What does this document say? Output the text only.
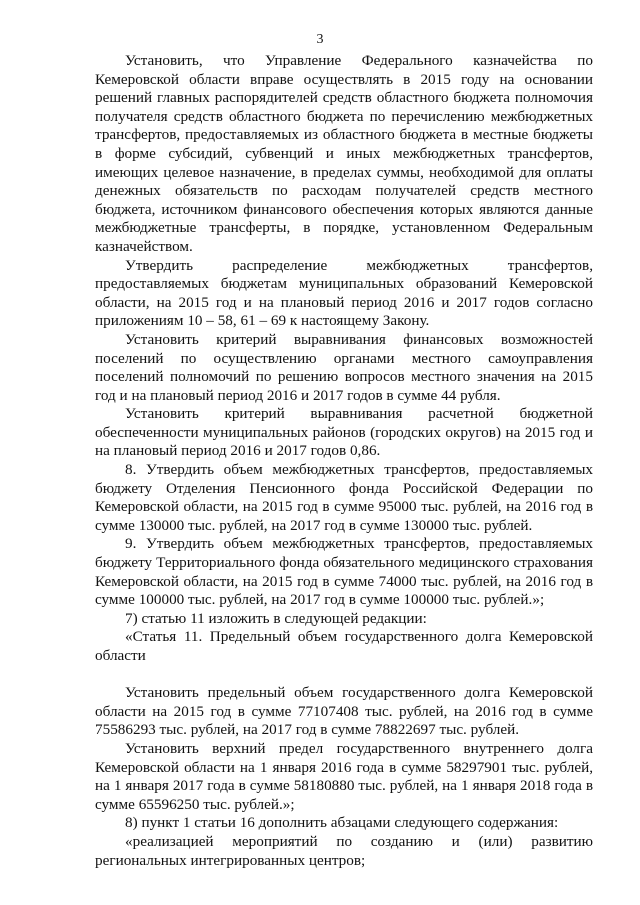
3

Установить, что Управление Федерального казначейства по Кемеровской области вправе осуществлять в 2015 году на основании решений главных распорядителей средств областного бюджета полномочия получателя средств областного бюджета по перечислению межбюджетных трансфертов, предоставляемых из областного бюджета в местные бюджеты в форме субсидий, субвенций и иных межбюджетных трансфертов, имеющих целевое назначение, в пределах суммы, необходимой для оплаты денежных обязательств по расходам получателей средств местного бюджета, источником финансового обеспечения которых являются данные межбюджетные трансферты, в порядке, установленном Федеральным казначейством.

Утвердить распределение межбюджетных трансфертов, предоставляемых бюджетам муниципальных образований Кемеровской области, на 2015 год и на плановый период 2016 и 2017 годов согласно приложениям 10 – 58, 61 – 69 к настоящему Закону.

Установить критерий выравнивания финансовых возможностей поселений по осуществлению органами местного самоуправления поселений полномочий по решению вопросов местного значения на 2015 год и на плановый период 2016 и 2017 годов в сумме 44 рубля.

Установить критерий выравнивания расчетной бюджетной обеспеченности муниципальных районов (городских округов) на 2015 год и на плановый период 2016 и 2017 годов 0,86.

8. Утвердить объем межбюджетных трансфертов, предоставляемых бюджету Отделения Пенсионного фонда Российской Федерации по Кемеровской области, на 2015 год в сумме 95000 тыс. рублей, на 2016 год в сумме 130000 тыс. рублей, на 2017 год в сумме 130000 тыс. рублей.

9. Утвердить объем межбюджетных трансфертов, предоставляемых бюджету Территориального фонда обязательного медицинского страхования Кемеровской области, на 2015 год в сумме 74000 тыс. рублей, на 2016 год в сумме 100000 тыс. рублей, на 2017 год в сумме 100000 тыс. рублей.»;

7) статью 11 изложить в следующей редакции:

«Статья 11. Предельный объем государственного долга Кемеровской области

Установить предельный объем государственного долга Кемеровской области на 2015 год в сумме 77107408 тыс. рублей, на 2016 год в сумме 75586293 тыс. рублей, на 2017 год в сумме 78822697 тыс. рублей.

Установить верхний предел государственного внутреннего долга Кемеровской области на 1 января 2016 года в сумме 58297901 тыс. рублей, на 1 января 2017 года в сумме 58180880 тыс. рублей, на 1 января 2018 года в сумме 65596250 тыс. рублей.»;

8) пункт 1 статьи 16 дополнить абзацами следующего содержания:

«реализацией мероприятий по созданию и (или) развитию региональных интегрированных центров;
